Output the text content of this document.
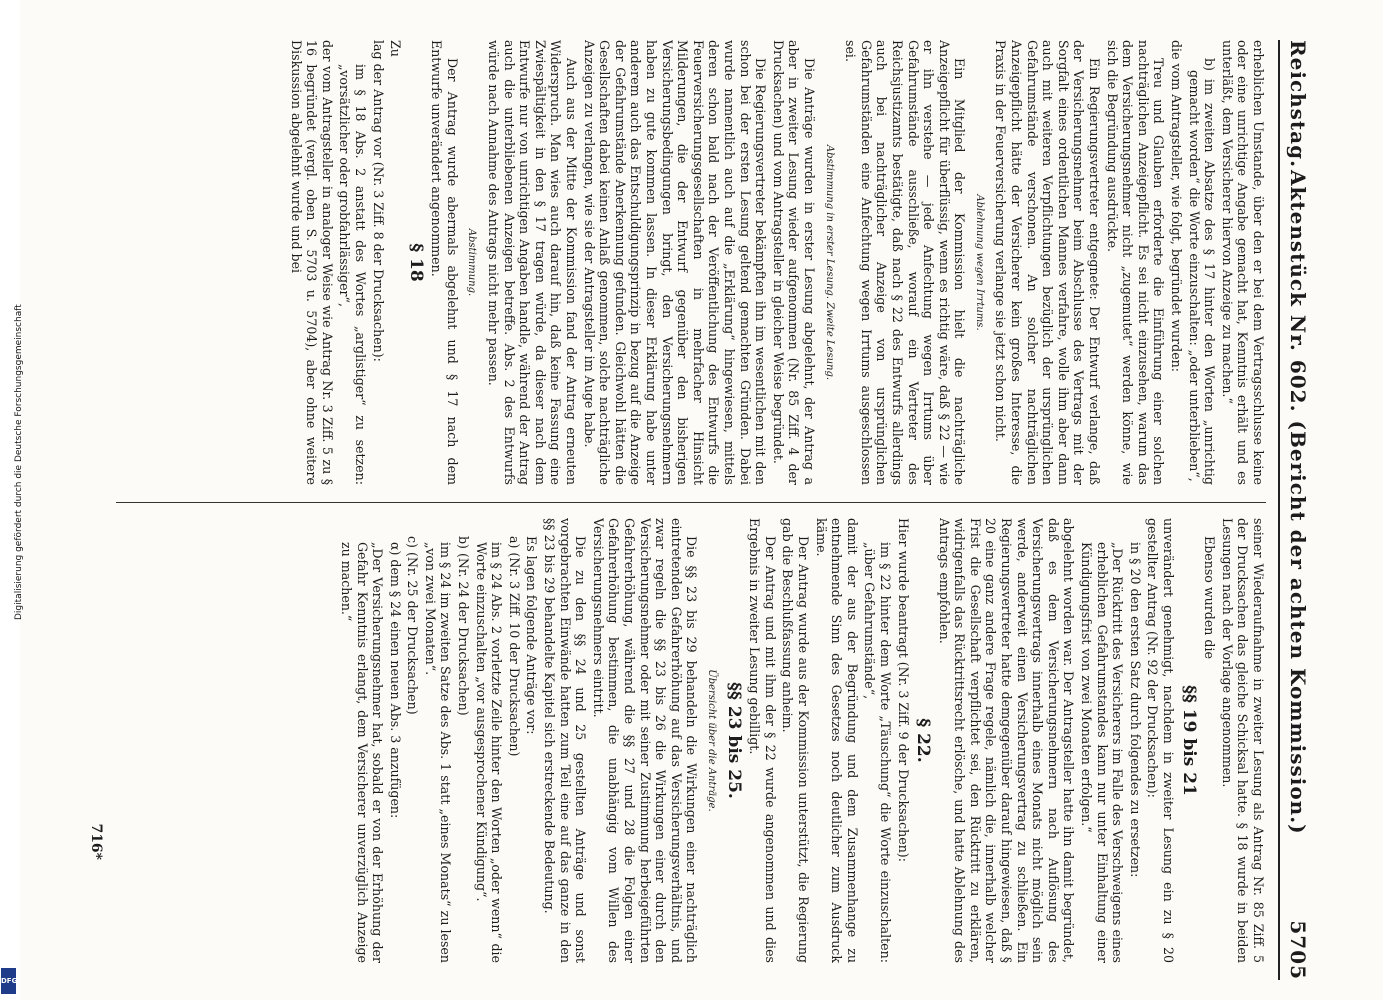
Reichstag.
Aktenstück Nr. 602. (Bericht der achten Kommission.)
5705

erheblichen Umstande, über den er bei dem Vertragsschlusse keine oder eine unrichtige Angabe gemacht hat, Kenntnis erhält und es unterläßt, dem Versicherer hiervon Anzeige zu machen.“

b) im zweiten Absatze des § 17 hinter den Worten „unrichtig gemacht worden“ die Worte einzuschalten: „oder unterblieben“,

die vom Antragsteller, wie folgt, begründet wurden:

Treu und Glauben erforderte die Einführung einer solchen nachträglichen Anzeigepflicht. Es sei nicht einzusehen, warum das dem Versicherungsnehmer nicht „zugemutet“ werden könne, wie sich die Begründung ausdrückte.

Ein Regierungsvertreter entgegnete: Der Entwurf verlange, daß der Versicherungsnehmer beim Abschlusse des Vertrags mit der Sorgfalt eines ordentlichen Mannes verfahre, wolle ihm aber dann auch mit weiteren Verpflichtungen bezüglich der ursprünglichen Gefahrumstände verschonen. An solcher nachträglichen Anzeigepflicht hätte der Versicherer kein großes Interesse, die Praxis in der Feuerversicherung verlange sie jetzt schon nicht.

Ablehnung wegen Irrtums.

Ein Mitglied der Kommission hielt die nachträgliche Anzeigepflicht für überflüssig, wenn es richtig wäre, daß § 22 — wie er ihn verstehe — jede Anfechtung wegen Irrtums über Gefahrumstände ausschließe, worauf ein Vertreter des Reichsjustizamts bestätigte, daß nach § 22 des Entwurfs allerdings auch bei nachträglicher Anzeige von ursprünglichen Gefahrumständen eine Anfechtung wegen Irrtums ausgeschlossen sei.

Abstimmung in erster Lesung. Zweite Lesung.

Die Anträge wurden in erster Lesung abgelehnt, der Antrag a aber in zweiter Lesung wieder aufgenommen (Nr. 85 Ziff. 4 der Drucksachen) und vom Antragsteller in gleicher Weise begründet.

Die Regierungsvertreter bekämpften ihn im wesentlichen mit den schon bei der ersten Lesung geltend gemachten Gründen. Dabei wurde namentlich auch auf die „Erklärung“ hingewiesen, mittels deren schon bald nach der Veröffentlichung des Entwurfs die Feuerversicherungsgesellschaften in mehrfacher Hinsicht Milderungen, die der Entwurf gegenüber den bisherigen Versicherungsbedingungen bringt, den Versicherungsnehmern haben zu gute kommen lassen. In dieser Erklärung habe unter anderem auch das Entschuldigungsprinzip in bezug auf die Anzeige der Gefahrumstände Anerkennung gefunden. Gleichwohl hätten die Gesellschaften dabei keinen Anlaß genommen, solche nachträgliche Anzeigen zu verlangen, wie sie der Antragsteller im Auge habe.

Auch aus der Mitte der Kommission fand der Antrag erneuten Widerspruch. Man wies auch darauf hin, daß keine Fassung eine Zwiespältigkeit in den § 17 tragen würde, da dieser nach dem Entwurfe nur von unrichtigen Angaben handle, während der Antrag auch die unterbliebenen Anzeigen betreffe. Abs. 2 des Entwurfs würde nach Annahme des Antrags nicht mehr passen.

Abstimmung.

Der Antrag wurde abermals abgelehnt und § 17 nach dem Entwurfe unverändert angenommen.

§ 18

Zu

lag der Antrag vor (Nr. 3 Ziff. 8 der Drucksachen):

im § 18 Abs. 2 anstatt des Wortes „arglistiger“ zu setzen: „vorsätzlicher oder grobfahrlässiger“,

der vom Antragsteller in analoger Weise wie Antrag Nr. 3 Ziff. 5 zu § 16 begründet (vergl. oben S. 5703 u. 5704), aber ohne weitere Diskussion abgelehnt wurde und bei

seiner Wiederaufnahme in zweiter Lesung als Antrag Nr. 85 Ziff. 5 der Drucksachen das gleiche Schicksal hatte. § 18 wurde in beiden Lesungen nach der Vorlage angenommen.

Ebenso wurden die

§§ 19 bis 21

unverändert genehmigt, nachdem in zweiter Lesung ein zu § 20 gestellter Antrag (Nr. 92 der Drucksachen):

in § 20 den ersten Satz durch folgendes zu ersetzen:

„Der Rücktritt des Versicherers im Falle des Verschweigens eines erheblichen Gefahrumstandes kann nur unter Einhaltung einer Kündigungsfrist von zwei Monaten erfolgen.“

abgelehnt worden war. Der Antragsteller hatte ihn damit begründet, daß es dem Versicherungsnehmern nach Auflösung des Versicherungsvertrags innerhalb eines Monats nicht möglich sein werde, anderweit einen Versicherungsvertrag zu schließen. Ein Regierungsvertreter hatte demgegenüber darauf hingewiesen, daß § 20 eine ganz andere Frage regele, nämlich die, innerhalb welcher Frist die Gesellschaft verpflichtet sei, den Rücktritt zu erklären, widrigenfalls das Rücktrittsrecht erlösche, und hatte Ablehnung des Antrags empfohlen.

§ 22.

Hier wurde beantragt (Nr. 3 Ziff. 9 der Drucksachen):

im § 22 hinter dem Worte „Täuschung“ die Worte einzuschalten: „über Gefahrumstände“,

damit der aus der Begründung und dem Zusammenhange zu entnehmende Sinn des Gesetzes noch deutlicher zum Ausdruck käme.

Der Antrag wurde aus der Kommission unterstützt, die Regierung gab die Beschlußfassung anheim.

Der Antrag und mit ihm der § 22 wurde angenommen und dies Ergebnis in zweiter Lesung gebilligt.

§§ 23 bis 25.
Übersicht über die Anträge.

Die §§ 23 bis 29 behandeln die Wirkungen einer nachträglich eintretenden Gefahrerhöhung auf das Versicherungsverhältnis, und zwar regeln die §§ 23 bis 26 die Wirkungen einer durch den Versicherungsnehmer oder mit seiner Zustimmung herbeigeführten Gefahrerhöhung, während die §§ 27 und 28 die Folgen einer Gefahrerhöhung bestimmen, die unabhängig vom Willen des Versicherungsnehmers eintritt.

Die zu den §§ 24 und 25 gestellten Anträge und sonst vorgebrachten Einwände hatten zum Teil eine auf das ganze in den §§ 23 bis 29 behandelte Kapitel sich erstreckende Bedeutung.

Es lagen folgende Anträge vor:

a) (Nr. 3 Ziff. 10 der Drucksachen)

im § 24 Abs. 2 vorletzte Zeile hinter den Worten „oder wenn“ die Worte einzuschalten „vor ausgesprochener Kündigung“.

b) (Nr. 24 der Drucksachen)

im § 24 im zweiten Satze des Abs. 1 statt „eines Monats“ zu lesen „von zwei Monaten“.

c) (Nr. 25 der Drucksachen)

α) dem § 24 einen neuen Abs. 3 anzufügen:

„Der Versicherungsnehmer hat, sobald er von der Erhöhung der Gefahr Kenntnis erlangt, dem Versicherer unverzüglich Anzeige zu machen.“

716*
Digitalisierung gefördert durch die Deutsche Forschungsgemeinschaft
DFG
